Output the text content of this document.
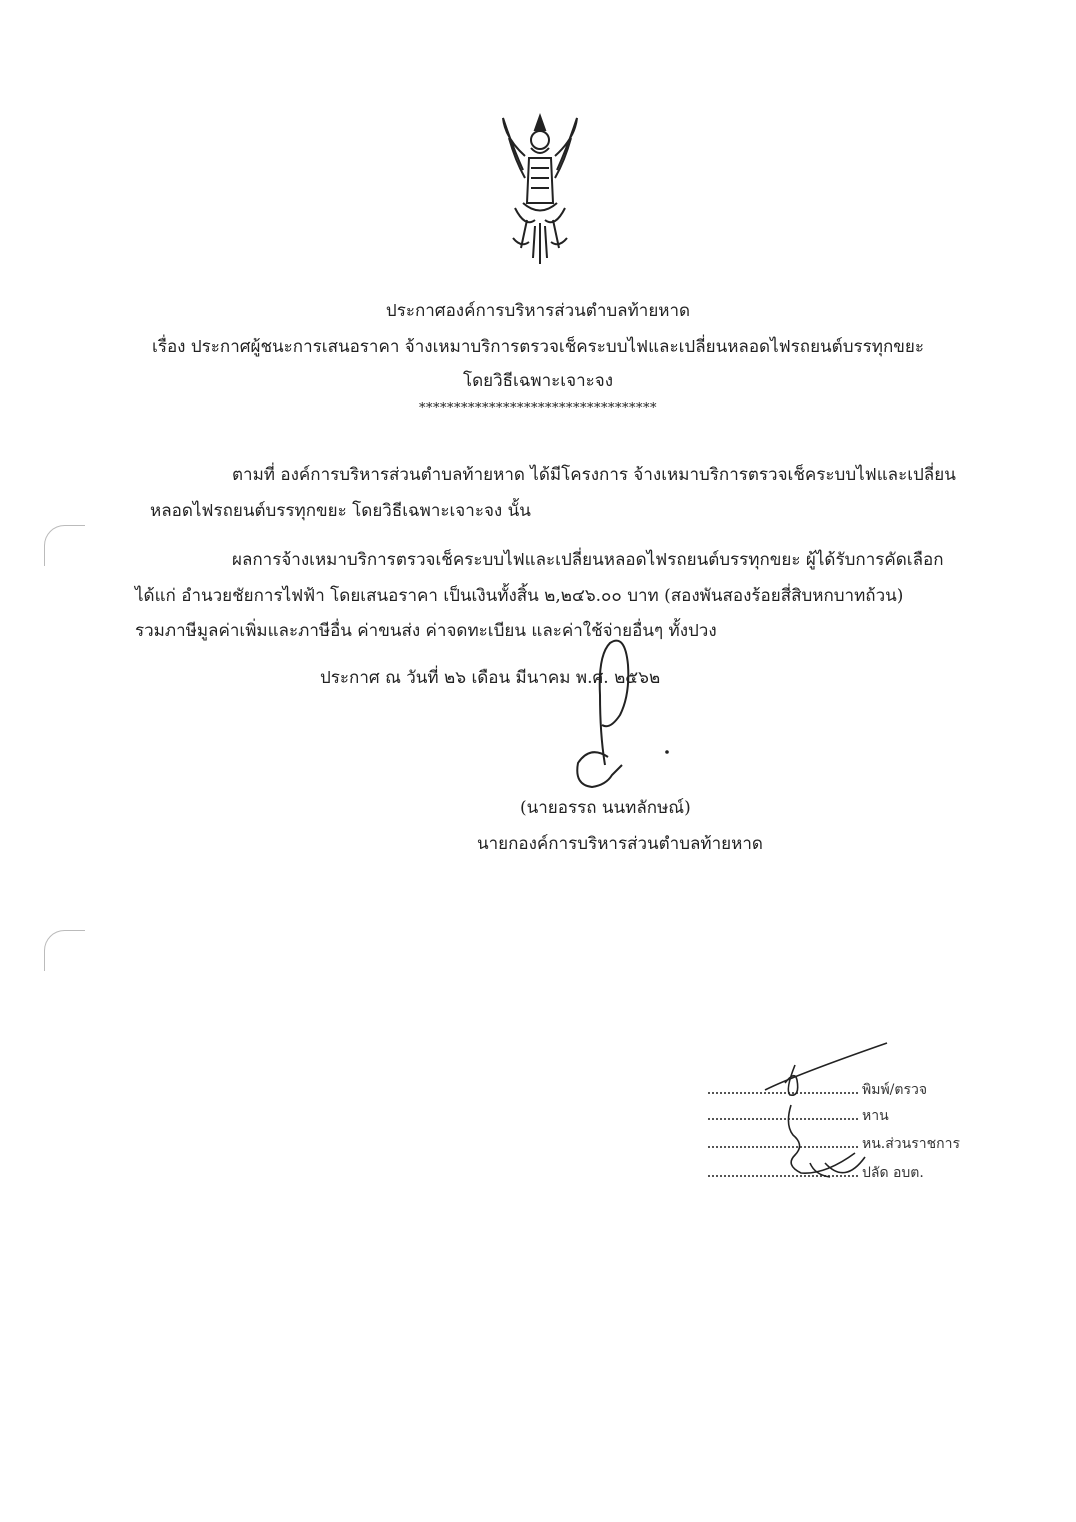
ประกาศองค์การบริหารส่วนตำบลท้ายหาด
เรื่อง ประกาศผู้ชนะการเสนอราคา จ้างเหมาบริการตรวจเช็คระบบไฟและเปลี่ยนหลอดไฟรถยนต์บรรทุกขยะ
โดยวิธีเฉพาะเจาะจง
**********************************
ตามที่ องค์การบริหารส่วนตำบลท้ายหาด ได้มีโครงการ จ้างเหมาบริการตรวจเช็คระบบไฟและเปลี่ยน
หลอดไฟรถยนต์บรรทุกขยะ โดยวิธีเฉพาะเจาะจง นั้น
ผลการจ้างเหมาบริการตรวจเช็คระบบไฟและเปลี่ยนหลอดไฟรถยนต์บรรทุกขยะ ผู้ได้รับการคัดเลือก
ได้แก่ อำนวยชัยการไฟฟ้า โดยเสนอราคา เป็นเงินทั้งสิ้น ๒,๒๔๖.๐๐ บาท (สองพันสองร้อยสี่สิบหกบาทถ้วน)
รวมภาษีมูลค่าเพิ่มและภาษีอื่น ค่าขนส่ง ค่าจดทะเบียน และค่าใช้จ่ายอื่นๆ ทั้งปวง
ประกาศ ณ วันที่ ๒๖ เดือน มีนาคม พ.ศ. ๒๕๖๒
(นายอรรถ นนทลักษณ์)
นายกองค์การบริหารส่วนตำบลท้ายหาด
พิมพ์/ตรวจ
หาน
หน.ส่วนราชการ
ปลัด อบต.
